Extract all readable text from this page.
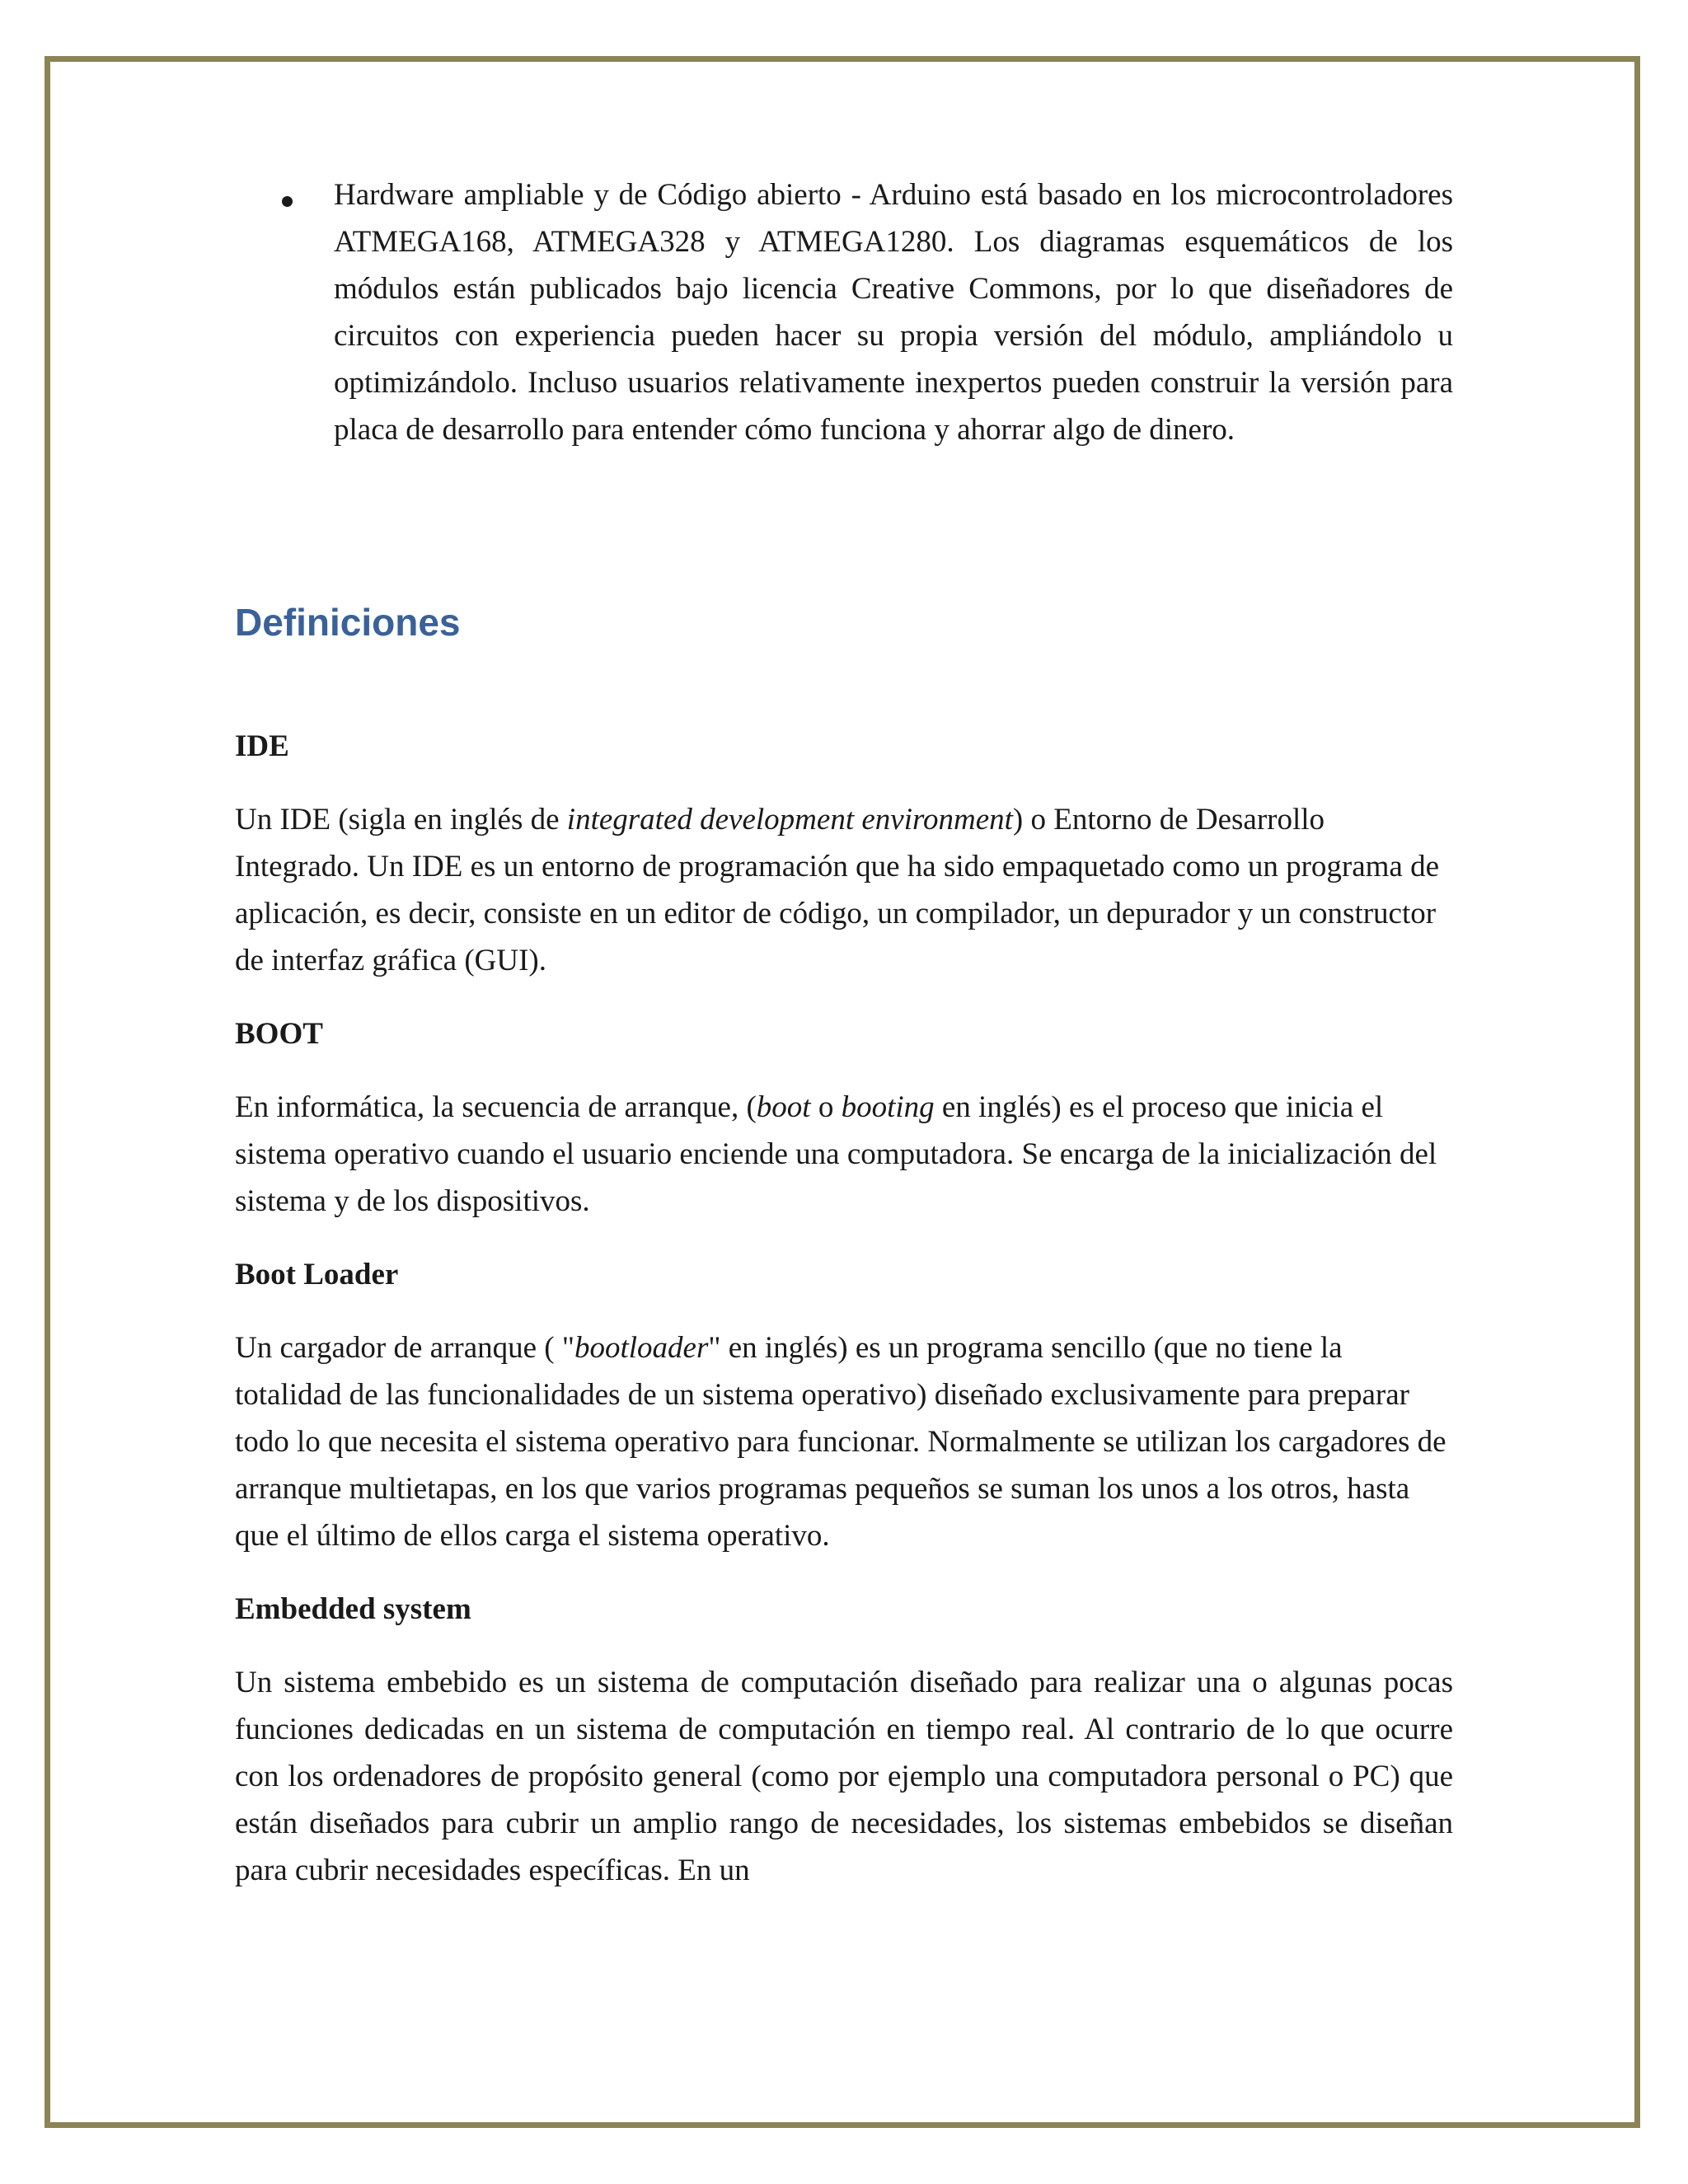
Hardware ampliable y de Código abierto - Arduino está basado en los microcontroladores ATMEGA168, ATMEGA328 y ATMEGA1280. Los diagramas esquemáticos de los módulos están publicados bajo licencia Creative Commons, por lo que diseñadores de circuitos con experiencia pueden hacer su propia versión del módulo, ampliándolo u optimizándolo. Incluso usuarios relativamente inexpertos pueden construir la versión para placa de desarrollo para entender cómo funciona y ahorrar algo de dinero.

Definiciones

IDE

Un IDE (sigla en inglés de integrated development environment) o Entorno de Desarrollo Integrado. Un IDE es un entorno de programación que ha sido empaquetado como un programa de aplicación, es decir, consiste en un editor de código, un compilador, un depurador y un constructor de interfaz gráfica (GUI).

BOOT

En informática, la secuencia de arranque, (boot o booting en inglés) es el proceso que inicia el sistema operativo cuando el usuario enciende una computadora. Se encarga de la inicialización del sistema y de los dispositivos.

Boot Loader

Un cargador de arranque ( "bootloader" en inglés) es un programa sencillo (que no tiene la totalidad de las funcionalidades de un sistema operativo) diseñado exclusivamente para preparar todo lo que necesita el sistema operativo para funcionar. Normalmente se utilizan los cargadores de arranque multietapas, en los que varios programas pequeños se suman los unos a los otros, hasta que el último de ellos carga el sistema operativo.

Embedded system

Un sistema embebido es un sistema de computación diseñado para realizar una o algunas pocas funciones dedicadas en un sistema de computación en tiempo real. Al contrario de lo que ocurre con los ordenadores de propósito general (como por ejemplo una computadora personal o PC) que están diseñados para cubrir un amplio rango de necesidades, los sistemas embebidos se diseñan para cubrir necesidades específicas. En un
